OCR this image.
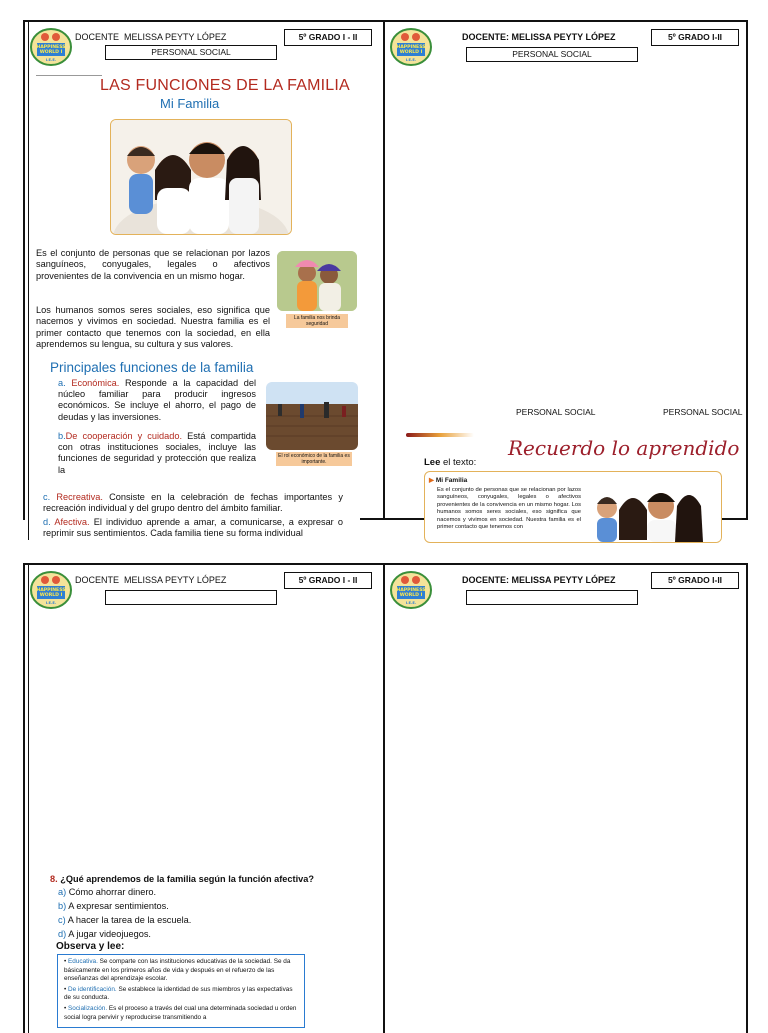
HAPPINESS
WORLD I
I.E.E.
HAPPINESS
WORLD I
I.E.E.
HAPPINESS
WORLD I
I.E.E.
HAPPINESS
WORLD I
I.E.E.
DOCENTE MELISSA PEYTY LÓPEZ	5º GRADO I - II
PERSONAL SOCIAL
DOCENTE: MELISSA PEYTY LÓPEZ	5º GRADO I-II
PERSONAL SOCIAL
DOCENTE MELISSA PEYTY LÓPEZ	5º GRADO I - II	DOCENTE: MELISSA PEYTY LÓPEZ	5º GRADO I-II
LAS FUNCIONES DE LA FAMILIA
Mi Familia
Es el conjunto de personas que se relacionan por lazos sanguíneos, conyugales, legales o afectivos provenientes de la convivencia en un mismo hogar.
Los humanos somos seres sociales, eso significa que nacemos y vivimos en sociedad. Nuestra familia es el primer contacto que tenemos con la sociedad, en ella aprendemos su lengua, su cultura y sus valores.
La familia nos brinda seguridad
Principales funciones de la familia
El rol económico de la familia es importante.
a. Económica. Responde a la capacidad del núcleo familiar para producir ingresos económicos. Se incluye el ahorro, el pago de deudas y las inversiones.
b.De cooperación y cuidado. Está compartida con otras instituciones sociales, incluye las funciones de seguridad y protección que realiza la
c. Recreativa. Consiste en la celebración de fechas importantes y recreación individual y del grupo dentro del ámbito familiar.
d. Afectiva. El individuo aprende a amar, a comunicarse, a expresar o reprimir sus sentimientos. Cada familia tiene su forma individual
PERSONAL SOCIAL	PERSONAL SOCIAL
Recuerdo lo aprendido
Lee el texto:
▶ Mi Familia
Es el conjunto de personas que se relacionan por lazos sanguíneos, conyugales, legales o afectivos provenientes de la convivencia en un mismo hogar. Los humanos somos seres sociales, eso significa que nacemos y vivimos en sociedad. Nuestra familia es el primer contacto que tenemos con
8. ¿Qué aprendemos de la familia según la función afectiva?
a) Cómo ahorrar dinero.
b) A expresar sentimientos.
c) A hacer la tarea de la escuela.
d) A jugar videojuegos.
Observa y lee:
• Educativa. Se comparte con las instituciones educativas de la sociedad. Se da básicamente en los primeros años de vida y después en el refuerzo de las enseñanzas del aprendizaje escolar.
• De identificación. Se establece la identidad de sus miembros y las expectativas de su conducta.
• Socialización. Es el proceso a través del cual una determinada sociedad u orden social logra pervivir y reproducirse transmitiendo a
